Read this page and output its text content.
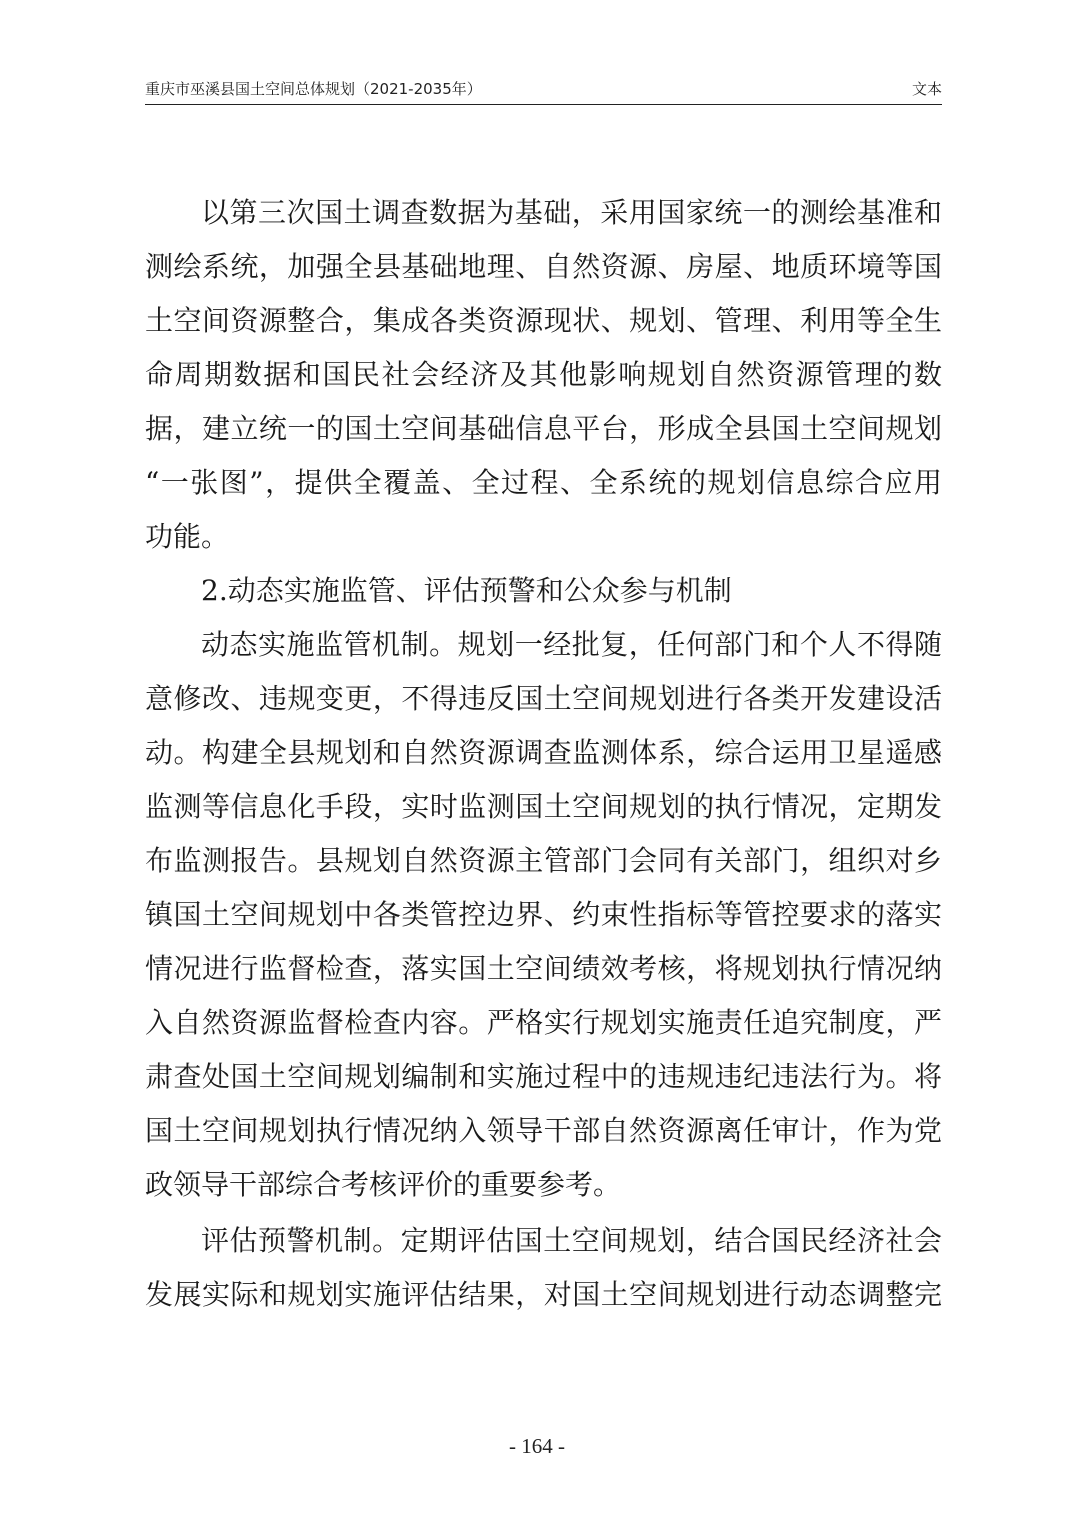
重庆市巫溪县国土空间总体规划（2021-2035年）	文本
以第三次国土调查数据为基础，采用国家统一的测绘基准和
测绘系统，加强全县基础地理、自然资源、房屋、地质环境等国
土空间资源整合，集成各类资源现状、规划、管理、利用等全生
命周期数据和国民社会经济及其他影响规划自然资源管理的数
据，建立统一的国土空间基础信息平台，形成全县国土空间规划
“一张图”，提供全覆盖、全过程、全系统的规划信息综合应用
功能。
2.动态实施监管、评估预警和公众参与机制
动态实施监管机制。规划一经批复，任何部门和个人不得随
意修改、违规变更，不得违反国土空间规划进行各类开发建设活
动。构建全县规划和自然资源调查监测体系，综合运用卫星遥感
监测等信息化手段，实时监测国土空间规划的执行情况，定期发
布监测报告。县规划自然资源主管部门会同有关部门，组织对乡
镇国土空间规划中各类管控边界、约束性指标等管控要求的落实
情况进行监督检查，落实国土空间绩效考核，将规划执行情况纳
入自然资源监督检查内容。严格实行规划实施责任追究制度，严
肃查处国土空间规划编制和实施过程中的违规违纪违法行为。将
国土空间规划执行情况纳入领导干部自然资源离任审计，作为党
政领导干部综合考核评价的重要参考。
评估预警机制。定期评估国土空间规划，结合国民经济社会
发展实际和规划实施评估结果，对国土空间规划进行动态调整完
- 164 -
